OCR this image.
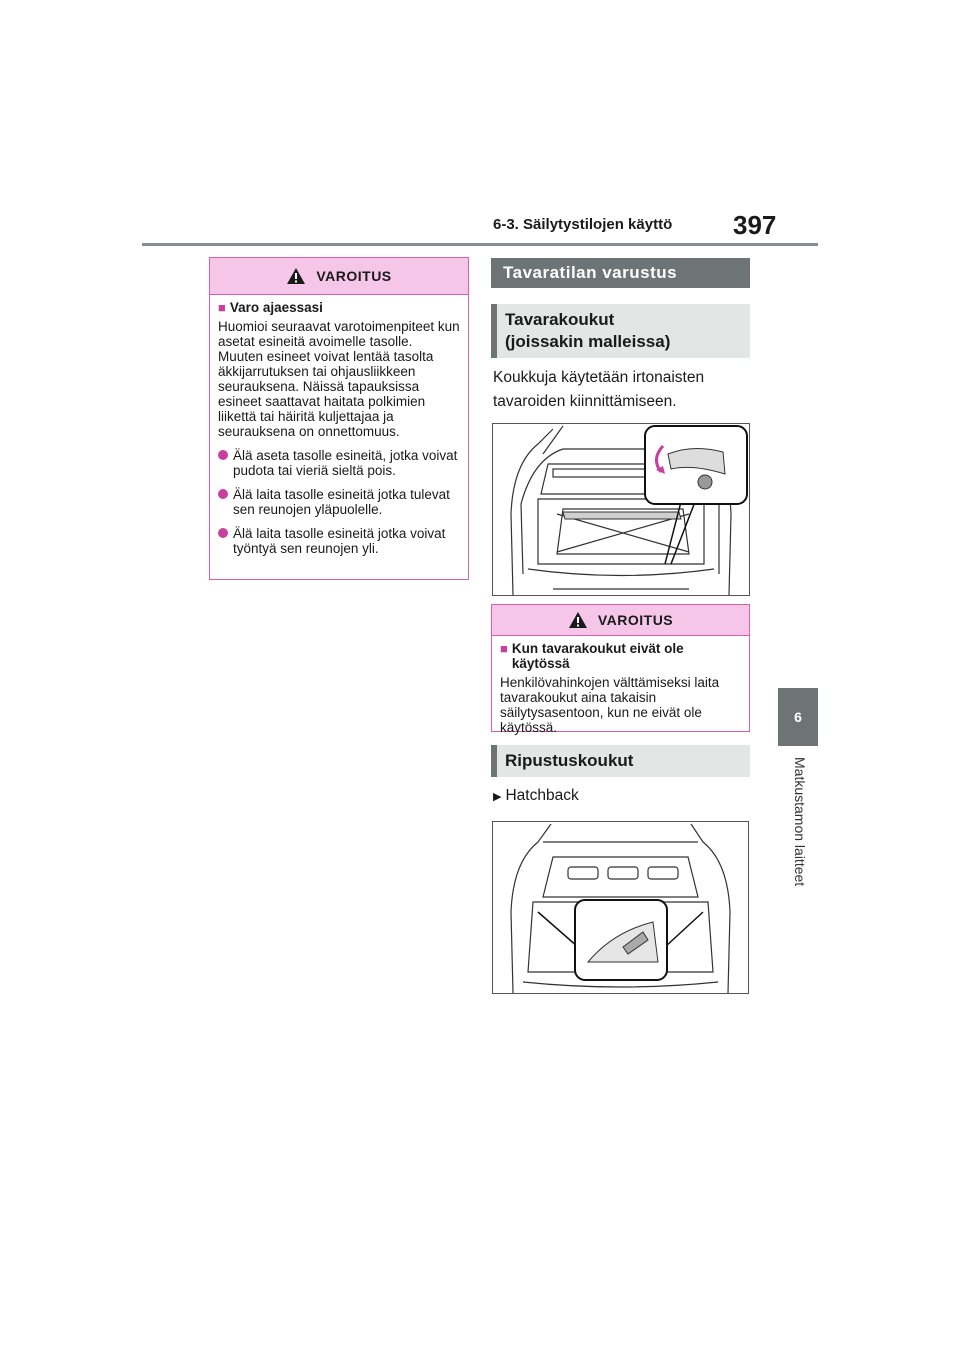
6-3. Säilytystilojen käyttö 397
6
Matkustamon laitteet
VAROITUS
■ Varo ajaessasi
Huomioi seuraavat varotoimenpiteet kun asetat esineitä avoimelle tasolle. Muuten esineet voivat lentää tasolta äkkijarrutuksen tai ohjausliikkeen seurauksena. Näissä tapauksissa esineet saattavat haitata polkimien liikettä tai häiritä kuljettajaa ja seurauksena on onnettomuus.
Älä aseta tasolle esineitä, jotka voivat pudota tai vieriä sieltä pois.
Älä laita tasolle esineitä jotka tulevat sen reunojen yläpuolelle.
Älä laita tasolle esineitä jotka voivat työntyä sen reunojen yli.
Tavaratilan varustus
Tavarakoukut
(joissakin malleissa)
Koukkuja käytetään irtonaisten
tavaroiden kiinnittämiseen.
VAROITUS
■ Kun tavarakoukut eivät ole käytössä
Henkilövahinkojen välttämiseksi laita tavarakoukut aina takaisin säilytysasentoon, kun ne eivät ole käytössä.
Ripustuskoukut
▶ Hatchback
